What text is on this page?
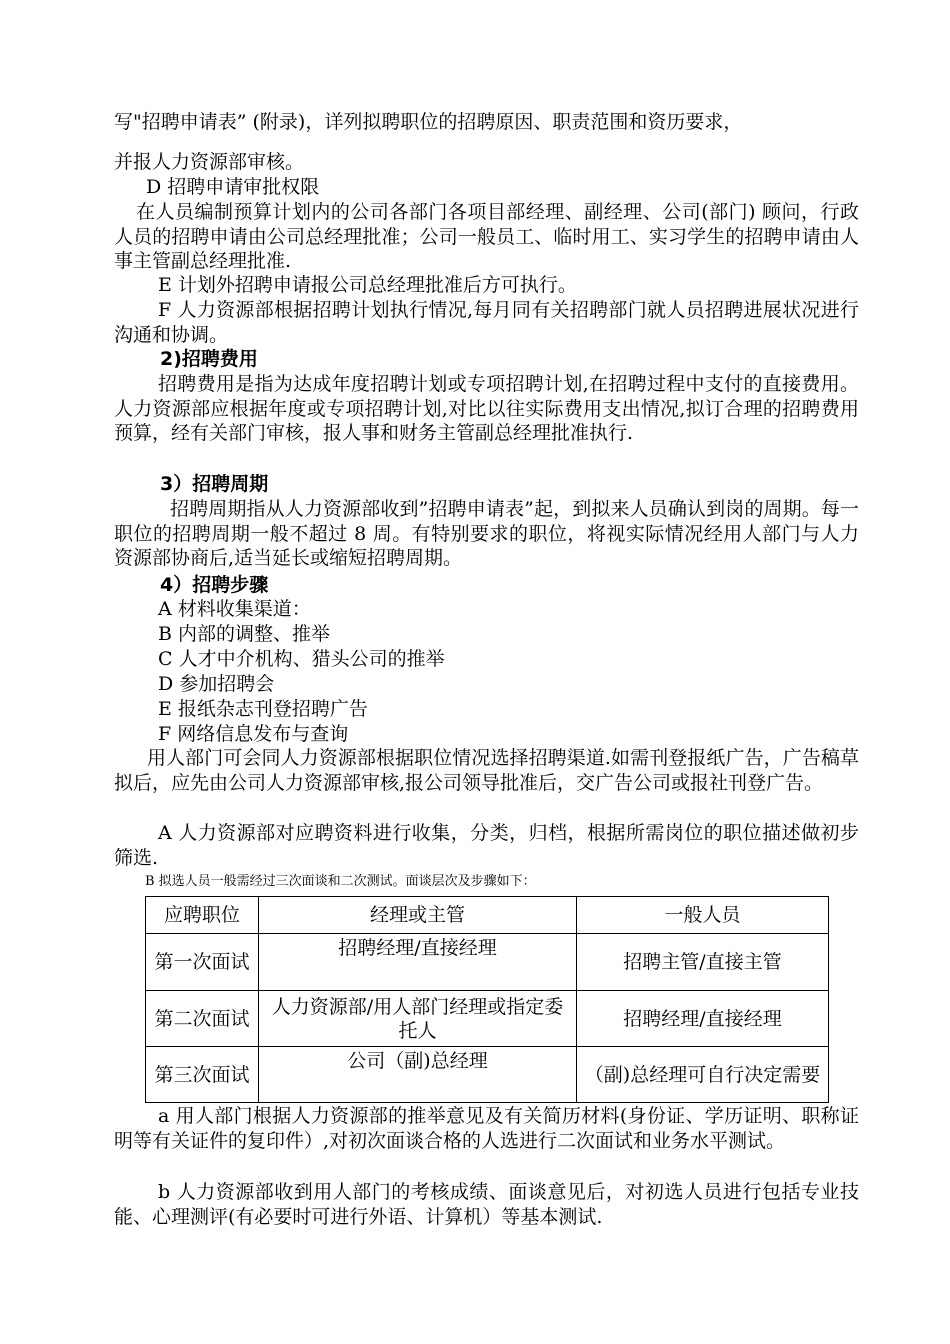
写"招聘申请表” (附录)，详列拟聘职位的招聘原因、职责范围和资历要求，
并报人力资源部审核。
D 招聘申请审批权限
在人员编制预算计划内的公司各部门各项目部经理、副经理、公司(部门) 顾问，行政人员的招聘申请由公司总经理批准；公司一般员工、临时用工、实习学生的招聘申请由人事主管副总经理批准.
E 计划外招聘申请报公司总经理批准后方可执行。
F 人力资源部根据招聘计划执行情况,每月同有关招聘部门就人员招聘进展状况进行沟通和协调。
2)招聘费用
招聘费用是指为达成年度招聘计划或专项招聘计划,在招聘过程中支付的直接费用。人力资源部应根据年度或专项招聘计划,对比以往实际费用支出情况,拟订合理的招聘费用预算，经有关部门审核，报人事和财务主管副总经理批准执行.
3）招聘周期
招聘周期指从人力资源部收到”招聘申请表”起，到拟来人员确认到岗的周期。每一职位的招聘周期一般不超过 8 周。有特别要求的职位，将视实际情况经用人部门与人力资源部协商后,适当延长或缩短招聘周期。
4）招聘步骤
A 材料收集渠道：
B 内部的调整、推举
C 人才中介机构、猎头公司的推举
D 参加招聘会
E 报纸杂志刊登招聘广告
F 网络信息发布与查询
用人部门可会同人力资源部根据职位情况选择招聘渠道.如需刊登报纸广告，广告稿草拟后，应先由公司人力资源部审核,报公司领导批准后，交广告公司或报社刊登广告。
A 人力资源部对应聘资料进行收集，分类，归档，根据所需岗位的职位描述做初步筛选.
B 拟选人员一般需经过三次面谈和二次测试。面谈层次及步骤如下：
应聘职位	经理或主管	一般人员
第一次面试	招聘经理/直接经理	招聘主管/直接主管
第二次面试	人力资源部/用人部门经理或指定委托人	招聘经理/直接经理
第三次面试	公司（副)总经理	（副)总经理可自行决定需要
a 用人部门根据人力资源部的推举意见及有关简历材料(身份证、学历证明、职称证明等有关证件的复印件）,对初次面谈合格的人选进行二次面试和业务水平测试。
b 人力资源部收到用人部门的考核成绩、面谈意见后，对初选人员进行包括专业技能、心理测评(有必要时可进行外语、计算机）等基本测试.
